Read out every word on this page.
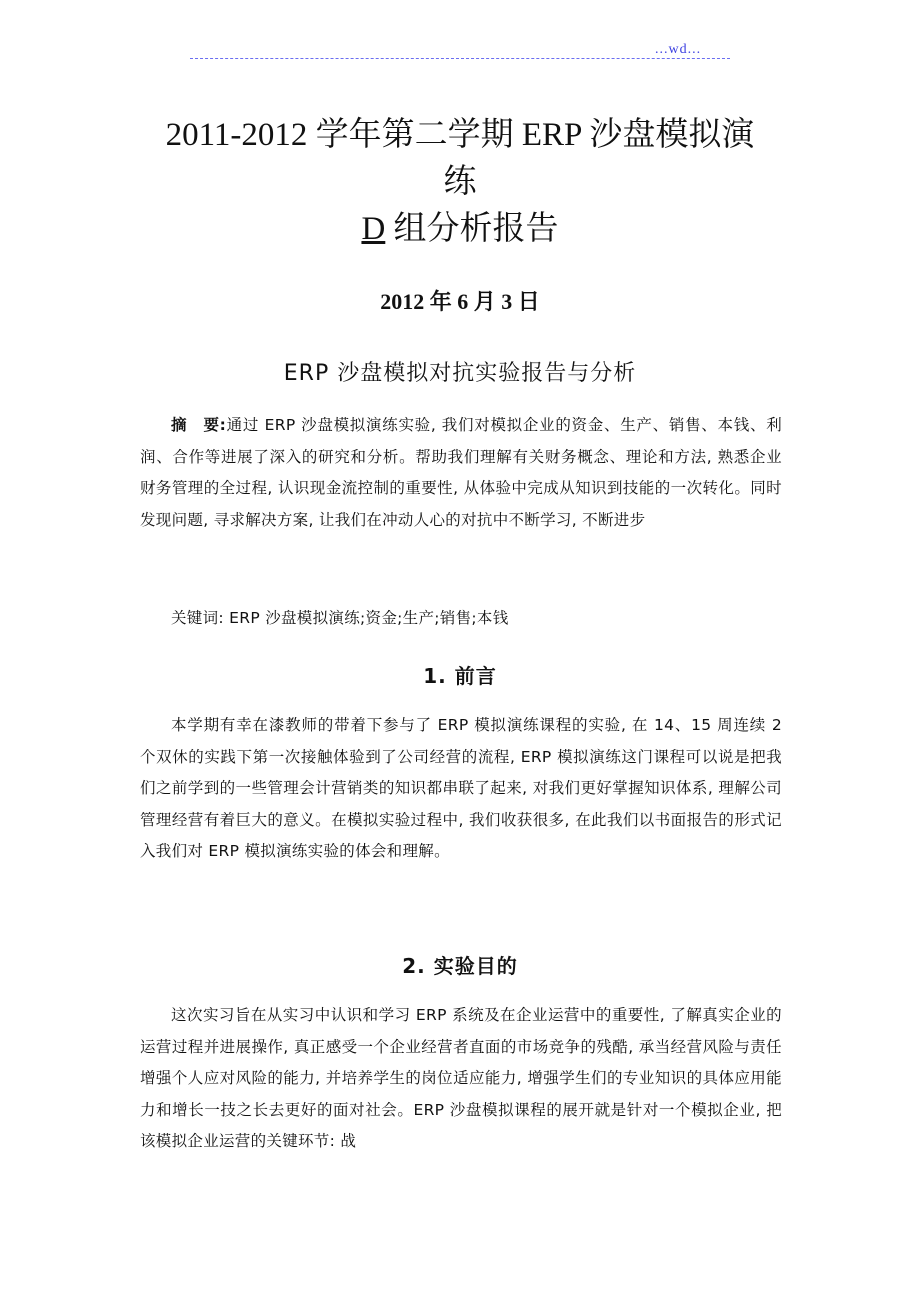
...wd...
2011-2012 学年第二学期 ERP 沙盘模拟演
练
D 组分析报告
2012 年 6 月 3 日
ERP 沙盘模拟对抗实验报告与分析
摘　要:通过 ERP 沙盘模拟演练实验, 我们对模拟企业的资金、生产、销售、本钱、利润、合作等进展了深入的研究和分析。帮助我们理解有关财务概念、理论和方法, 熟悉企业财务管理的全过程, 认识现金流控制的重要性, 从体验中完成从知识到技能的一次转化。同时发现问题, 寻求解决方案, 让我们在冲动人心的对抗中不断学习, 不断进步
关键词: ERP 沙盘模拟演练;资金;生产;销售;本钱
1. 前言
本学期有幸在漆教师的带着下参与了 ERP 模拟演练课程的实验, 在 14、15 周连续 2 个双休的实践下第一次接触体验到了公司经营的流程, ERP 模拟演练这门课程可以说是把我们之前学到的一些管理会计营销类的知识都串联了起来, 对我们更好掌握知识体系, 理解公司管理经营有着巨大的意义。在模拟实验过程中, 我们收获很多, 在此我们以书面报告的形式记入我们对 ERP 模拟演练实验的体会和理解。
2. 实验目的
这次实习旨在从实习中认识和学习 ERP 系统及在企业运营中的重要性, 了解真实企业的运营过程并进展操作, 真正感受一个企业经营者直面的市场竞争的残酷, 承当经营风险与责任增强个人应对风险的能力, 并培养学生的岗位适应能力, 增强学生们的专业知识的具体应用能力和增长一技之长去更好的面对社会。ERP 沙盘模拟课程的展开就是针对一个模拟企业, 把该模拟企业运营的关键环节: 战
